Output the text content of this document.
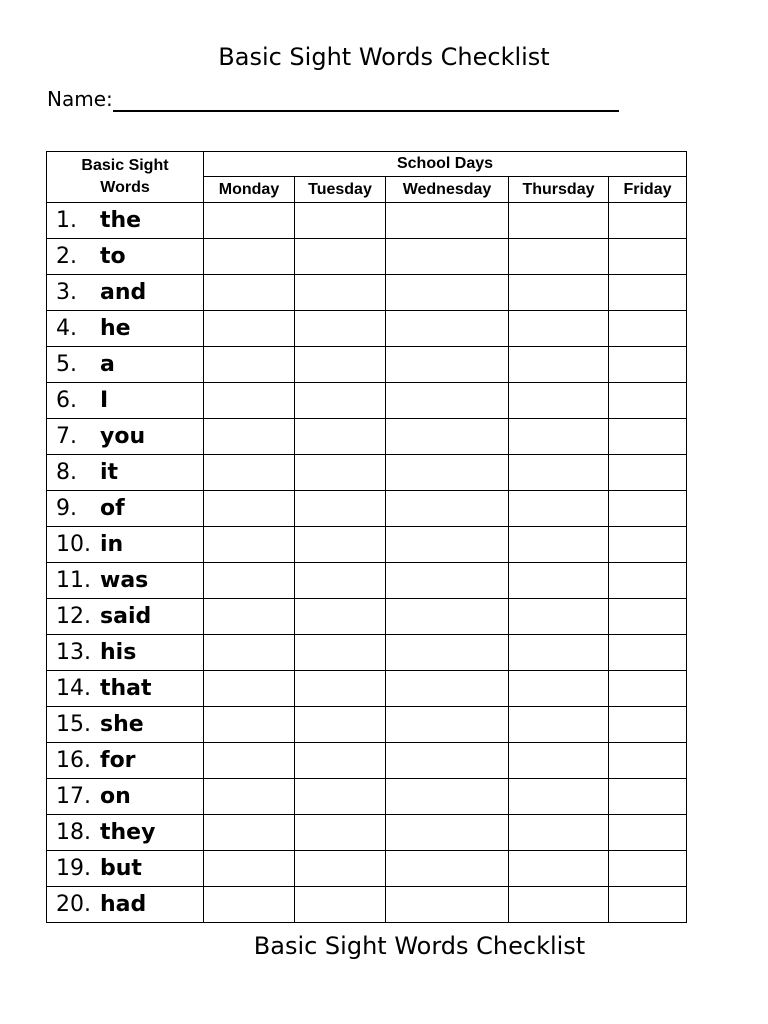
Basic Sight Words Checklist
Name:
Basic Sight
Words	School Days				
	Monday	Tuesday	Wednesday	Thursday	Friday
1. the					
2. to					
3. and					
4. he					
5. a					
6. I					
7. you					
8. it					
9. of					
10. in					
11. was					
12. said					
13. his					
14. that					
15. she					
16. for					
17. on					
18. they					
19. but					
20. had					
Basic Sight Words Checklist
